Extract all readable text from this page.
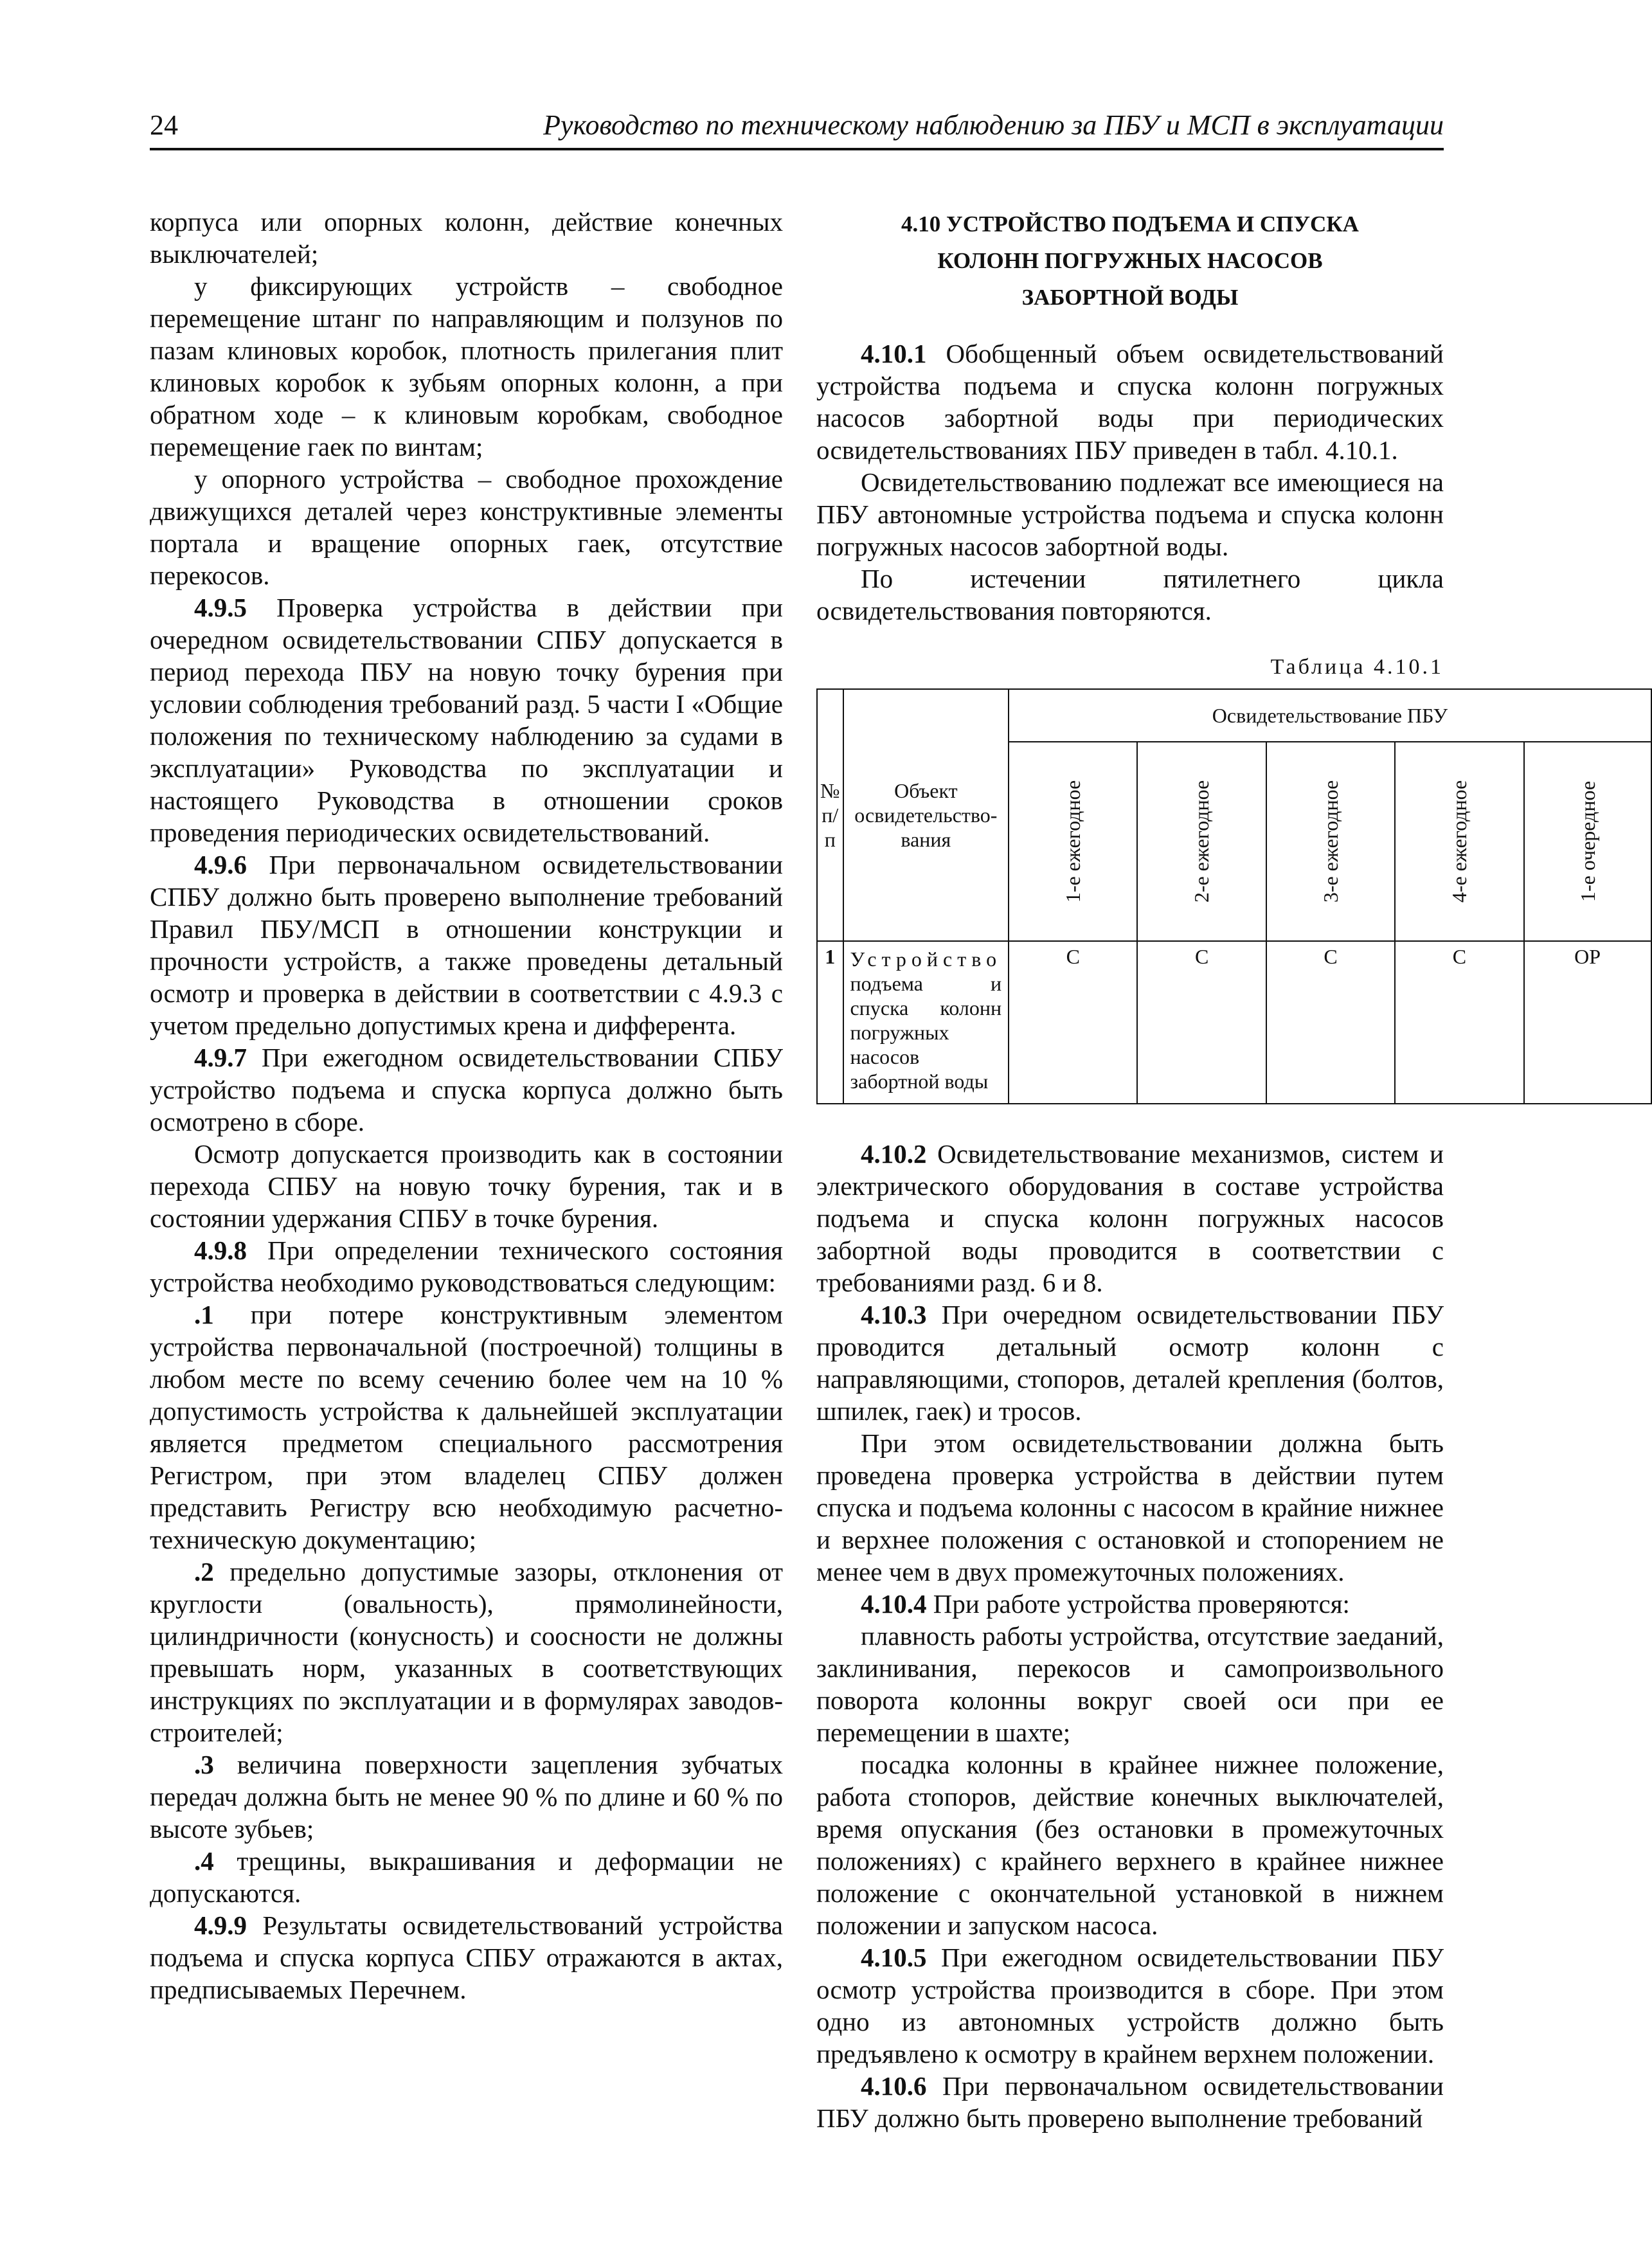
24	Руководство по техническому наблюдению за ПБУ и МСП в эксплуатации

корпуса или опорных колонн, действие конечных выключателей;

у фиксирующих устройств – свободное перемещение штанг по направляющим и ползунов по пазам клиновых коробок, плотность прилегания плит клиновых коробок к зубьям опорных колонн, а при обратном ходе – к клиновым коробкам, свободное перемещение гаек по винтам;

у опорного устройства – свободное прохождение движущихся деталей через конструктивные элементы портала и вращение опорных гаек, отсутствие перекосов.

4.9.5 Проверка устройства в действии при очередном освидетельствовании СПБУ допускается в период перехода ПБУ на новую точку бурения при условии соблюдения требований разд. 5 части I «Общие положения по техническому наблюдению за судами в эксплуатации» Руководства по эксплуатации и настоящего Руководства в отношении сроков проведения периодических освидетельствований.

4.9.6 При первоначальном освидетельствовании СПБУ должно быть проверено выполнение требований Правил ПБУ/МСП в отношении конструкции и прочности устройств, а также проведены детальный осмотр и проверка в действии в соответствии с 4.9.3 с учетом предельно допустимых крена и дифферента.

4.9.7 При ежегодном освидетельствовании СПБУ устройство подъема и спуска корпуса должно быть осмотрено в сборе.

Осмотр допускается производить как в состоянии перехода СПБУ на новую точку бурения, так и в состоянии удержания СПБУ в точке бурения.

4.9.8 При определении технического состояния устройства необходимо руководствоваться следующим:

.1 при потере конструктивным элементом устройства первоначальной (построечной) толщины в любом месте по всему сечению более чем на 10 % допустимость устройства к дальнейшей эксплуатации является предметом специального рассмотрения Регистром, при этом владелец СПБУ должен представить Регистру всю необходимую расчетно-техническую документацию;

.2 предельно допустимые зазоры, отклонения от круглости (овальность), прямолинейности, цилиндричности (конусность) и соосности не должны превышать норм, указанных в соответствующих инструкциях по эксплуатации и в формулярах заводов-строителей;

.3 величина поверхности зацепления зубчатых передач должна быть не менее 90 % по длине и 60 % по высоте зубьев;

.4 трещины, выкрашивания и деформации не допускаются.

4.9.9 Результаты освидетельствований устройства подъема и спуска корпуса СПБУ отражаются в актах, предписываемых Перечнем.

4.10 УСТРОЙСТВО ПОДЪЕМА И СПУСКА
КОЛОНН ПОГРУЖНЫХ НАСОСОВ
ЗАБОРТНОЙ ВОДЫ

4.10.1 Обобщенный объем освидетельствований устройства подъема и спуска колонн погружных насосов забортной воды при периодических освидетельствованиях ПБУ приведен в табл. 4.10.1.

Освидетельствованию подлежат все имеющиеся на ПБУ автономные устройства подъема и спуска колонн погружных насосов забортной воды.

По истечении пятилетнего цикла освидетельствования повторяются.

Таблица 4.10.1
№ п/п	Объект освидетельство-вания	Освидетельствование ПБУ				
		1-е ежегодное	2-е ежегодное	3-е ежегодное	4-е ежегодное	1-е очередное
1	Устройство подъема и спуска колонн погружных насосов забортной воды	С	С	С	С	ОР

4.10.2 Освидетельствование механизмов, систем и электрического оборудования в составе устройства подъема и спуска колонн погружных насосов забортной воды проводится в соответствии с требованиями разд. 6 и 8.

4.10.3 При очередном освидетельствовании ПБУ проводится детальный осмотр колонн с направляющими, стопоров, деталей крепления (болтов, шпилек, гаек) и тросов.

При этом освидетельствовании должна быть проведена проверка устройства в действии путем спуска и подъема колонны с насосом в крайние нижнее и верхнее положения с остановкой и стопорением не менее чем в двух промежуточных положениях.

4.10.4 При работе устройства проверяются:

плавность работы устройства, отсутствие заеданий, заклинивания, перекосов и самопроизвольного поворота колонны вокруг своей оси при ее перемещении в шахте;

посадка колонны в крайнее нижнее положение, работа стопоров, действие конечных выключателей, время опускания (без остановки в промежуточных положениях) с крайнего верхнего в крайнее нижнее положение с окончательной установкой в нижнем положении и запуском насоса.

4.10.5 При ежегодном освидетельствовании ПБУ осмотр устройства производится в сборе. При этом одно из автономных устройств должно быть предъявлено к осмотру в крайнем верхнем положении.

4.10.6 При первоначальном освидетельствовании ПБУ должно быть проверено выполнение требований
